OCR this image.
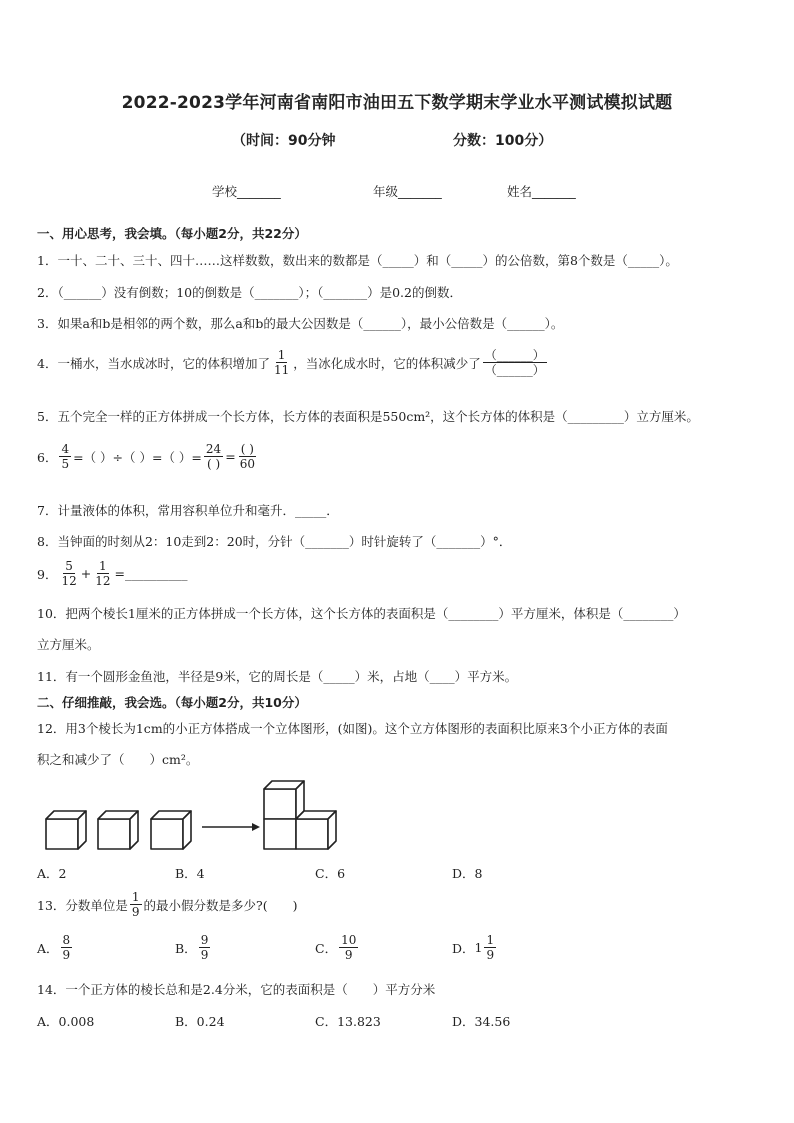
2022-2023学年河南省南阳市油田五下数学期末学业水平测试模拟试题
（时间：90分钟	分数：100分）
学校_______	年级_______	姓名_______
一、用心思考，我会填。（每小题2分，共22分）
1．一十、二十、三十、四十……这样数数，数出来的数都是（_____）和（_____）的公倍数，第8个数是（_____）。
2．（______）没有倒数；10的倒数是（_______）；（_______）是0.2的倒数．
3．如果a和b是相邻的两个数，那么a和b的最大公因数是（______），最小公倍数是（______）。
4．一桶水，当水成冰时，它的体积增加了 $\frac{1}{11}$ ，当冰化成水时，它的体积减少了 $\frac{(\_\_\_\_\_\_)}{(\_\_\_\_\_\_)}$
5．五个完全一样的正方体拼成一个长方体，长方体的表面积是550cm²，这个长方体的体积是（_________）立方厘米。
6． $\frac{4}{5}$ =（ ）÷（ ）=（ ）= $\frac{24}{( )} = \frac{( )}{60}$
7．计量液体的体积，常用容积单位升和毫升．_____．
8．当钟面的时刻从2：10走到2：20时，分针（_______）时针旋转了（_______）°．
9． $\frac{5}{12} + \frac{1}{12}$ =__________
10．把两个棱长1厘米的正方体拼成一个长方体，这个长方体的表面积是（________）平方厘米，体积是（________）
立方厘米。
11．有一个圆形金鱼池，半径是9米，它的周长是（_____）米，占地（____）平方米。
二、仔细推敲，我会选。（每小题2分，共10分）
12．用3个棱长为1cm的小正方体搭成一个立体图形，(如图)。这个立方体图形的表面积比原来3个小正方体的表面
积之和减少了（　　）cm²。
A．2	B．4	C．6	D．8
13．分数单位是 $\frac{1}{9}$ 的最小假分数是多少?(　　)
A． $\frac{8}{9}$	B． $\frac{9}{9}$	C． $\frac{10}{9}$	D． $1 \frac{1}{9}$
14．一个正方体的棱长总和是2.4分米，它的表面积是（　　）平方分米
A．0.008	B．0.24	C．13.823	D．34.56
